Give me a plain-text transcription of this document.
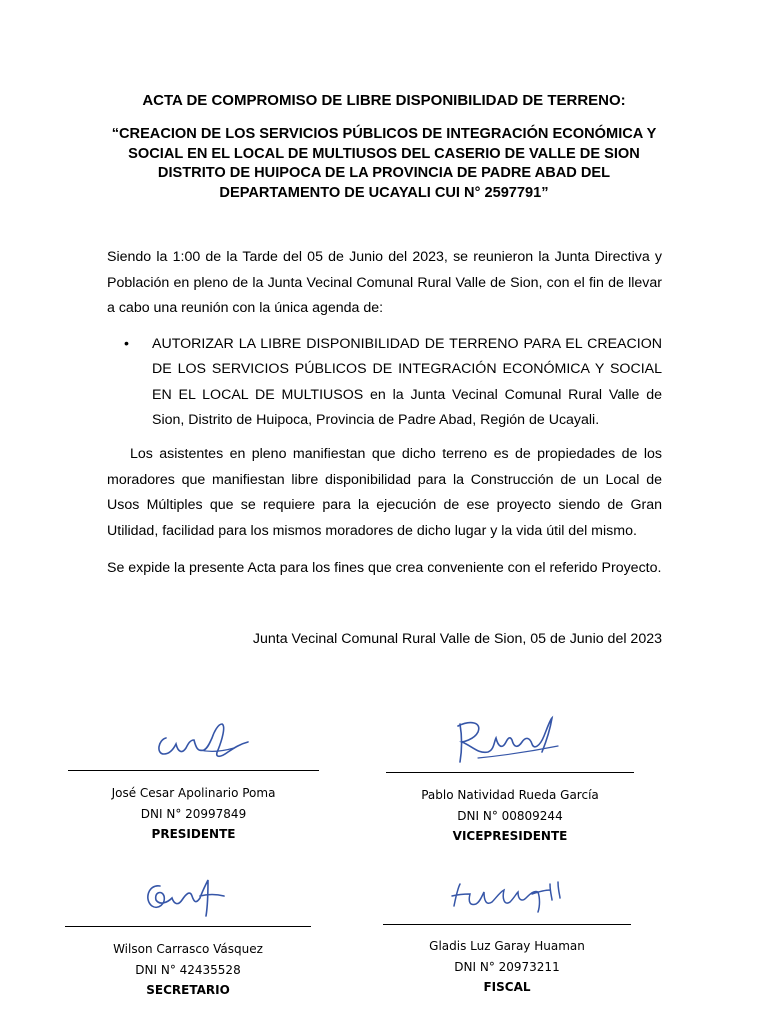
ACTA DE COMPROMISO DE LIBRE DISPONIBILIDAD DE TERRENO:

“CREACION DE LOS SERVICIOS PÚBLICOS DE INTEGRACIÓN ECONÓMICA Y SOCIAL EN EL LOCAL DE MULTIUSOS DEL CASERIO DE VALLE DE SION DISTRITO DE HUIPOCA DE LA PROVINCIA DE PADRE ABAD DEL DEPARTAMENTO DE UCAYALI CUI N° 2597791”

Siendo la 1:00 de la Tarde del 05 de Junio del 2023, se reunieron la Junta Directiva y Población en pleno de la Junta Vecinal Comunal Rural Valle de Sion, con el fin de llevar a cabo una reunión con la única agenda de:

•	AUTORIZAR LA LIBRE DISPONIBILIDAD DE TERRENO PARA EL CREACION DE LOS SERVICIOS PÚBLICOS DE INTEGRACIÓN ECONÓMICA Y SOCIAL EN EL LOCAL DE MULTIUSOS en la Junta Vecinal Comunal Rural Valle de Sion, Distrito de Huipoca, Provincia de Padre Abad, Región de Ucayali.

Los asistentes en pleno manifiestan que dicho terreno es de propiedades de los moradores que manifiestan libre disponibilidad para la Construcción de un Local de Usos Múltiples que se requiere para la ejecución de ese proyecto siendo de Gran Utilidad, facilidad para los mismos moradores de dicho lugar y la vida útil del mismo.

Se expide la presente Acta para los fines que crea conveniente con el referido Proyecto.

Junta Vecinal Comunal Rural Valle de Sion, 05 de Junio del 2023

José Cesar Apolinario Poma
DNI N° 20997849
PRESIDENTE
Pablo Natividad Rueda García
DNI N° 00809244
VICEPRESIDENTE
Wilson Carrasco Vásquez
DNI N° 42435528
SECRETARIO
Gladis Luz Garay Huaman
DNI N° 20973211
FISCAL
